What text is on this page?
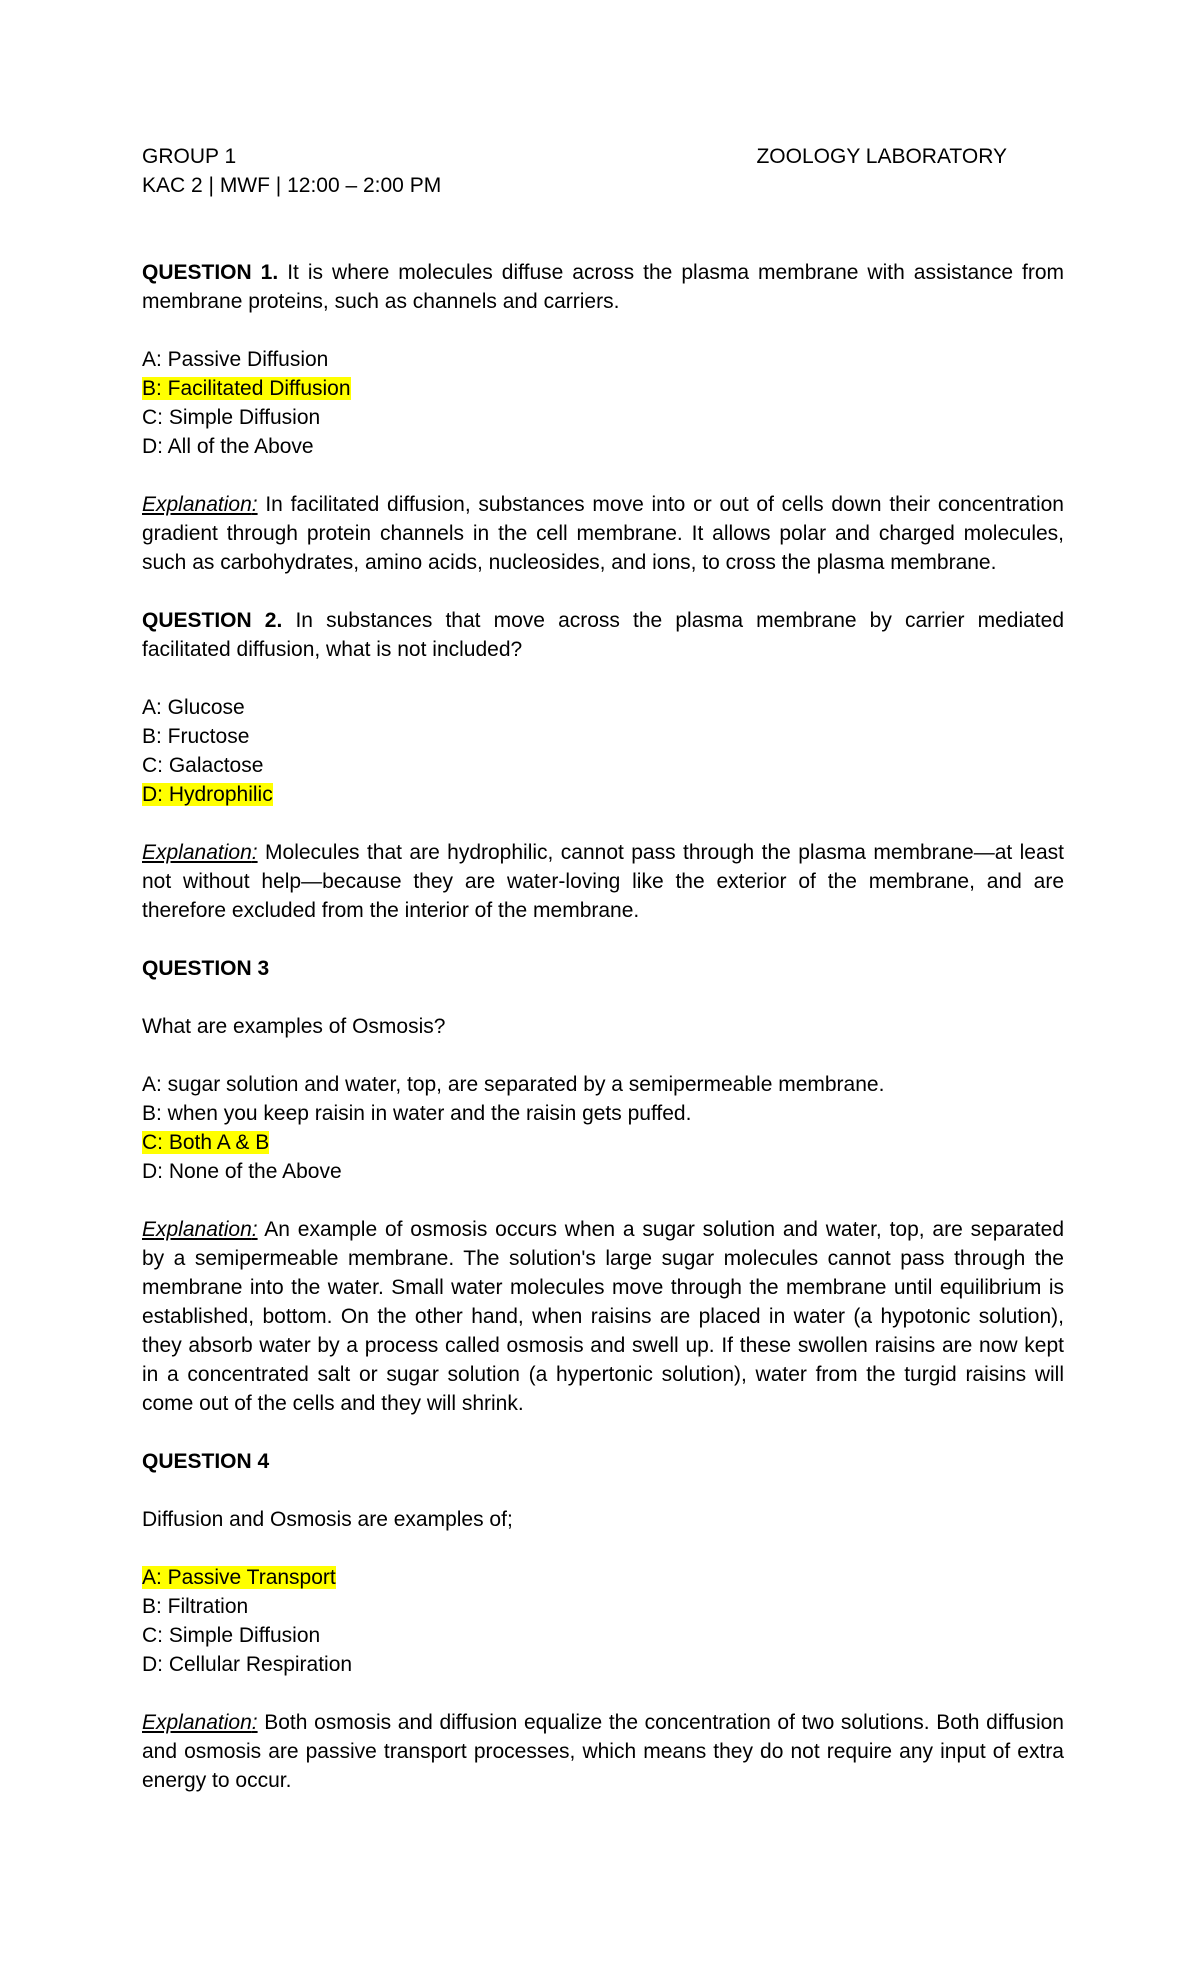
GROUP 1	ZOOLOGY LABORATORY
KAC 2 | MWF | 12:00 – 2:00 PM
QUESTION 1. It is where molecules diffuse across the plasma membrane with assistance from membrane proteins, such as channels and carriers.
A: Passive Diffusion
B: Facilitated Diffusion
C: Simple Diffusion
D: All of the Above
Explanation: In facilitated diffusion, substances move into or out of cells down their concentration gradient through protein channels in the cell membrane. It allows polar and charged molecules, such as carbohydrates, amino acids, nucleosides, and ions, to cross the plasma membrane.
QUESTION 2. In substances that move across the plasma membrane by carrier mediated facilitated diffusion, what is not included?
A: Glucose
B: Fructose
C: Galactose
D: Hydrophilic
Explanation: Molecules that are hydrophilic, cannot pass through the plasma membrane—at least not without help—because they are water-loving like the exterior of the membrane, and are therefore excluded from the interior of the membrane.
QUESTION 3
What are examples of Osmosis?
A: sugar solution and water, top, are separated by a semipermeable membrane.
B: when you keep raisin in water and the raisin gets puffed.
C: Both A & B
D: None of the Above
Explanation: An example of osmosis occurs when a sugar solution and water, top, are separated by a semipermeable membrane. The solution's large sugar molecules cannot pass through the membrane into the water. Small water molecules move through the membrane until equilibrium is established, bottom. On the other hand, when raisins are placed in water (a hypotonic solution), they absorb water by a process called osmosis and swell up. If these swollen raisins are now kept in a concentrated salt or sugar solution (a hypertonic solution), water from the turgid raisins will come out of the cells and they will shrink.
QUESTION 4
Diffusion and Osmosis are examples of;
A: Passive Transport
B: Filtration
C: Simple Diffusion
D: Cellular Respiration
Explanation: Both osmosis and diffusion equalize the concentration of two solutions. Both diffusion and osmosis are passive transport processes, which means they do not require any input of extra energy to occur.
